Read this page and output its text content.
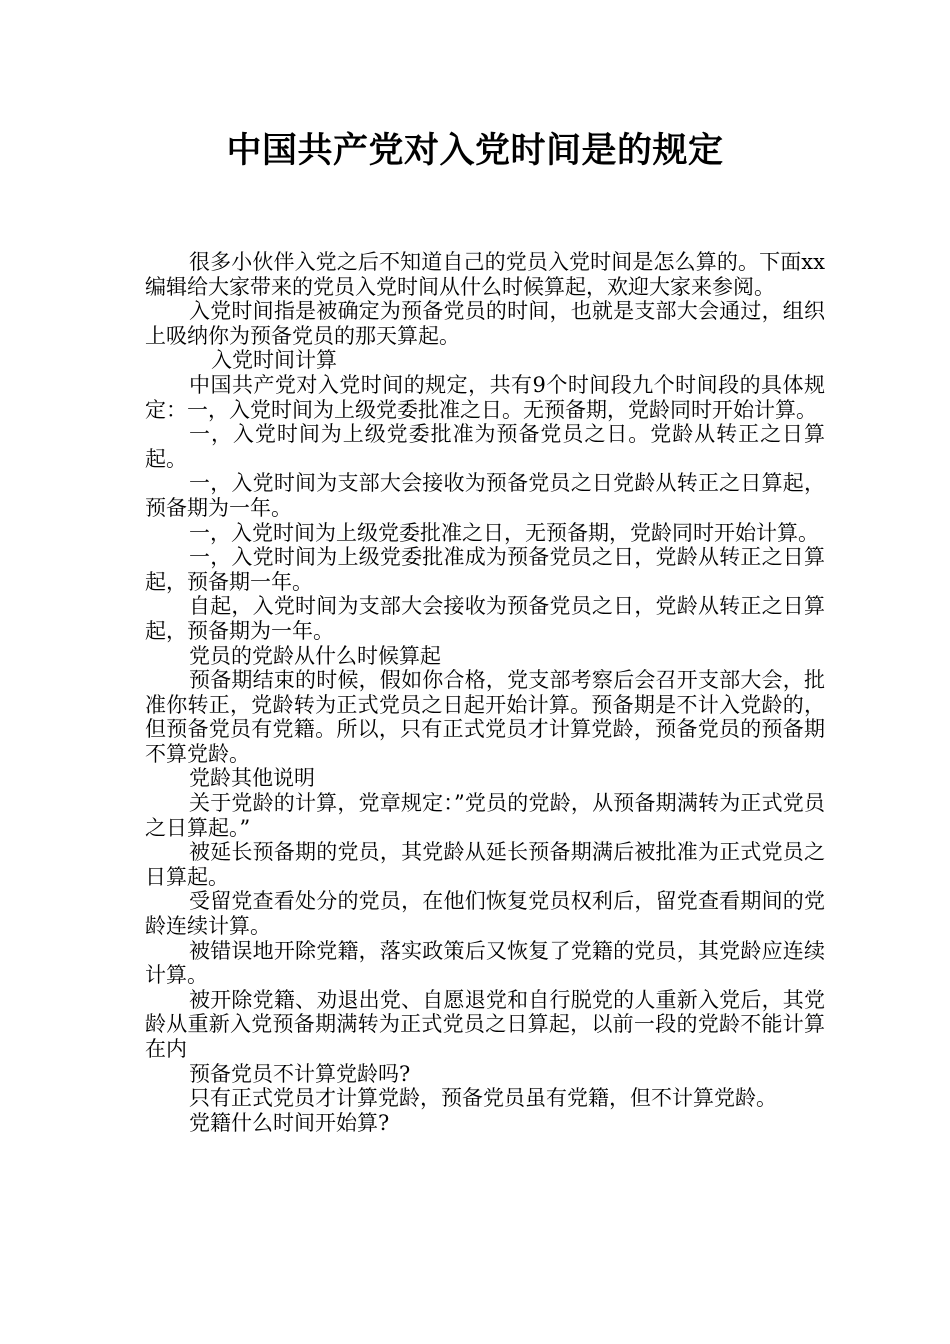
中国共产党对入党时间是的规定

很多小伙伴入党之后不知道自己的党员入党时间是怎么算的。下面xx编辑给大家带来的党员入党时间从什么时候算起，欢迎大家来参阅。

入党时间指是被确定为预备党员的时间，也就是支部大会通过，组织上吸纳你为预备党员的那天算起。

入党时间计算

中国共产党对入党时间的规定，共有9个时间段九个时间段的具体规定：一，入党时间为上级党委批准之日。无预备期，党龄同时开始计算。

一，入党时间为上级党委批准为预备党员之日。党龄从转正之日算起。

一，入党时间为支部大会接收为预备党员之日党龄从转正之日算起，预备期为一年。

一，入党时间为上级党委批准之日，无预备期，党龄同时开始计算。

一，入党时间为上级党委批准成为预备党员之日，党龄从转正之日算起，预备期一年。

自起，入党时间为支部大会接收为预备党员之日，党龄从转正之日算起，预备期为一年。

党员的党龄从什么时候算起

预备期结束的时候，假如你合格，党支部考察后会召开支部大会，批准你转正，党龄转为正式党员之日起开始计算。预备期是不计入党龄的，但预备党员有党籍。所以，只有正式党员才计算党龄，预备党员的预备期不算党龄。

党龄其他说明

关于党龄的计算，党章规定：”党员的党龄，从预备期满转为正式党员之日算起。”

被延长预备期的党员，其党龄从延长预备期满后被批准为正式党员之日算起。

受留党查看处分的党员，在他们恢复党员权利后，留党查看期间的党龄连续计算。

被错误地开除党籍，落实政策后又恢复了党籍的党员，其党龄应连续计算。

被开除党籍、劝退出党、自愿退党和自行脱党的人重新入党后，其党龄从重新入党预备期满转为正式党员之日算起，以前一段的党龄不能计算在内

预备党员不计算党龄吗?

只有正式党员才计算党龄，预备党员虽有党籍，但不计算党龄。

党籍什么时间开始算?
